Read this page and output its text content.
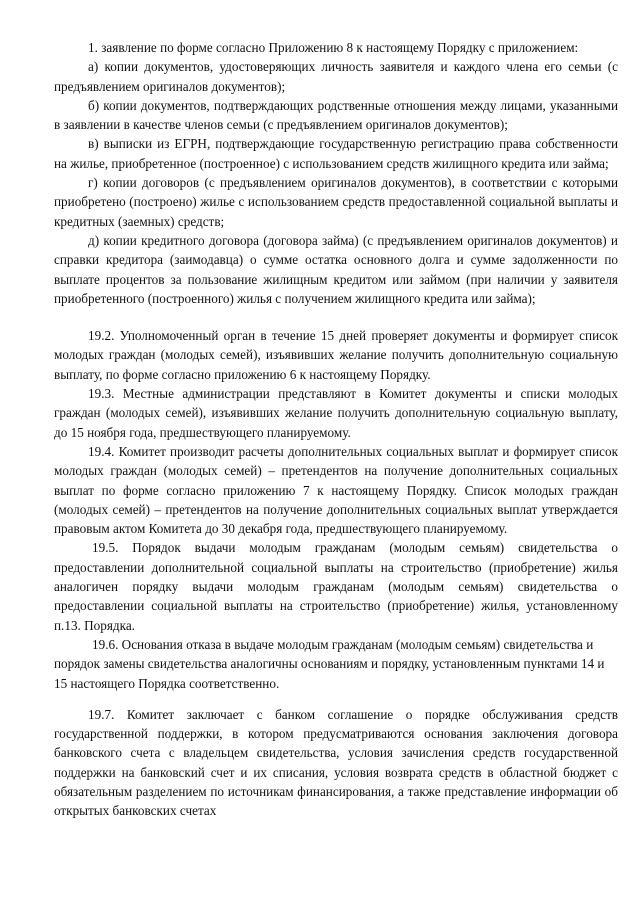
1. заявление по форме согласно Приложению 8 к настоящему Порядку с приложением:

а) копии документов, удостоверяющих личность заявителя и каждого члена его семьи (с предъявлением оригиналов документов);

б) копии документов, подтверждающих родственные отношения между лицами, указанными в заявлении в качестве членов семьи (с предъявлением оригиналов документов);

в) выписки из ЕГРН, подтверждающие государственную регистрацию права собственности на жилье, приобретенное (построенное) с использованием средств жилищного кредита или займа;

г) копии договоров (с предъявлением оригиналов документов), в соответствии с которыми приобретено (построено) жилье с использованием средств предоставленной социальной выплаты и кредитных (заемных) средств;

д) копии кредитного договора (договора займа) (с предъявлением оригиналов документов) и справки кредитора (заимодавца) о сумме остатка основного долга и сумме задолженности по выплате процентов за пользование жилищным кредитом или займом (при наличии у заявителя приобретенного (построенного) жилья с получением жилищного кредита или займа);

19.2. Уполномоченный орган в течение 15 дней проверяет документы и формирует список молодых граждан (молодых семей), изъявивших желание получить дополнительную социальную выплату, по форме согласно приложению 6 к настоящему Порядку.

19.3. Местные администрации представляют в Комитет документы и списки молодых граждан (молодых семей), изъявивших желание получить дополнительную социальную выплату, до 15 ноября года, предшествующего планируемому.

19.4. Комитет производит расчеты дополнительных социальных выплат и формирует список молодых граждан (молодых семей) – претендентов на получение дополнительных социальных выплат по форме согласно приложению 7 к настоящему Порядку. Список молодых граждан (молодых семей) – претендентов на получение дополнительных социальных выплат утверждается правовым актом Комитета до 30 декабря года, предшествующего планируемому.

19.5. Порядок выдачи молодым гражданам (молодым семьям) свидетельства о предоставлении дополнительной социальной выплаты на строительство (приобретение) жилья аналогичен порядку выдачи молодым гражданам (молодым семьям) свидетельства о предоставлении социальной выплаты на строительство (приобретение) жилья, установленному п.13. Порядка.

19.6. Основания отказа в выдаче молодым гражданам (молодым семьям) свидетельства и порядок замены свидетельства аналогичны основаниям и порядку, установленным пунктами 14 и 15 настоящего Порядка соответственно.

19.7. Комитет заключает с банком соглашение о порядке обслуживания средств государственной поддержки, в котором предусматриваются основания заключения договора банковского счета с владельцем свидетельства, условия зачисления средств государственной поддержки на банковский счет и их списания, условия возврата средств в областной бюджет с обязательным разделением по источникам финансирования, а также представление информации об открытых банковских счетах
